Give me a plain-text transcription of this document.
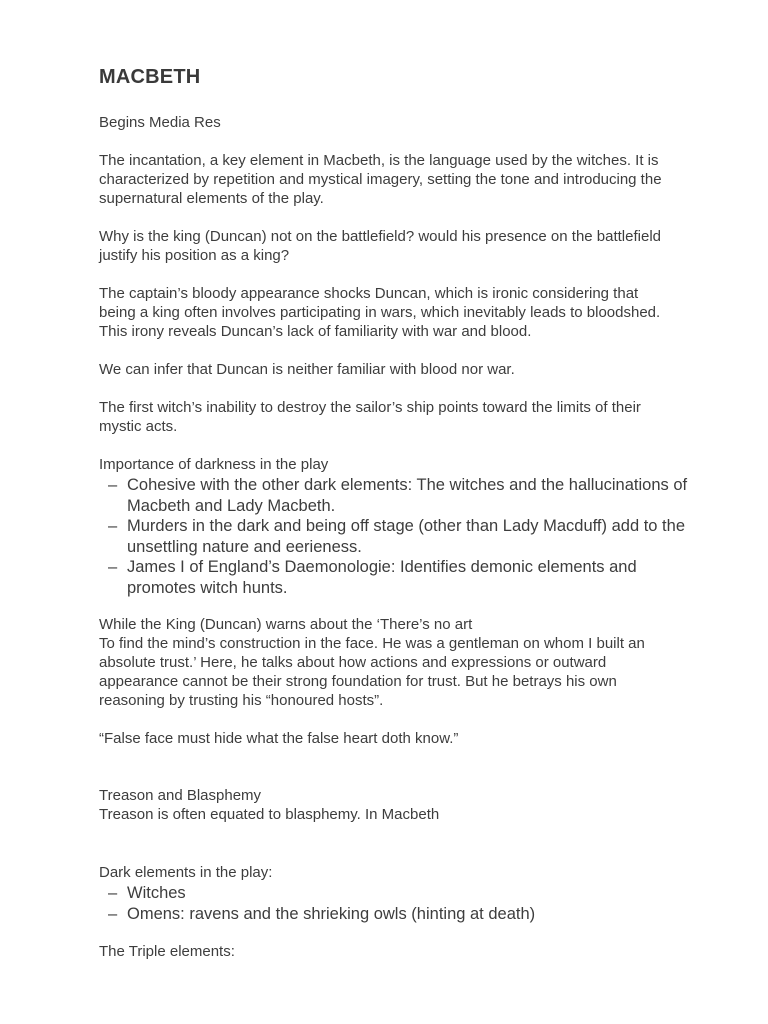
MACBETH
Begins Media Res
The incantation, a key element in Macbeth, is the language used by the witches. It is characterized by repetition and mystical imagery, setting the tone and introducing the supernatural elements of the play.
Why is the king (Duncan) not on the battlefield? would his presence on the battlefield justify his position as a king?
The captain’s bloody appearance shocks Duncan, which is ironic considering that being a king often involves participating in wars, which inevitably leads to bloodshed. This irony reveals Duncan’s lack of familiarity with war and blood.
We can infer that Duncan is neither familiar with blood nor war.
The first witch’s inability to destroy the sailor’s ship points toward the limits of their mystic acts.
Importance of darkness in the play
– Cohesive with the other dark elements: The witches and the hallucinations of Macbeth and Lady Macbeth.
– Murders in the dark and being off stage (other than Lady Macduff) add to the unsettling nature and eerieness.
– James I of England’s Daemonologie: Identifies demonic elements and promotes witch hunts.
While the King (Duncan) warns about the ‘There’s no art
To find the mind’s construction in the face. He was a gentleman on whom I built an absolute trust.’ Here, he talks about how actions and expressions or outward appearance cannot be their strong foundation for trust. But he betrays his own reasoning by trusting his “honoured hosts”.
“False face must hide what the false heart doth know.”
Treason and Blasphemy
Treason is often equated to blasphemy. In Macbeth
Dark elements in the play:
– Witches
– Omens: ravens and the shrieking owls (hinting at death)
The Triple elements:
